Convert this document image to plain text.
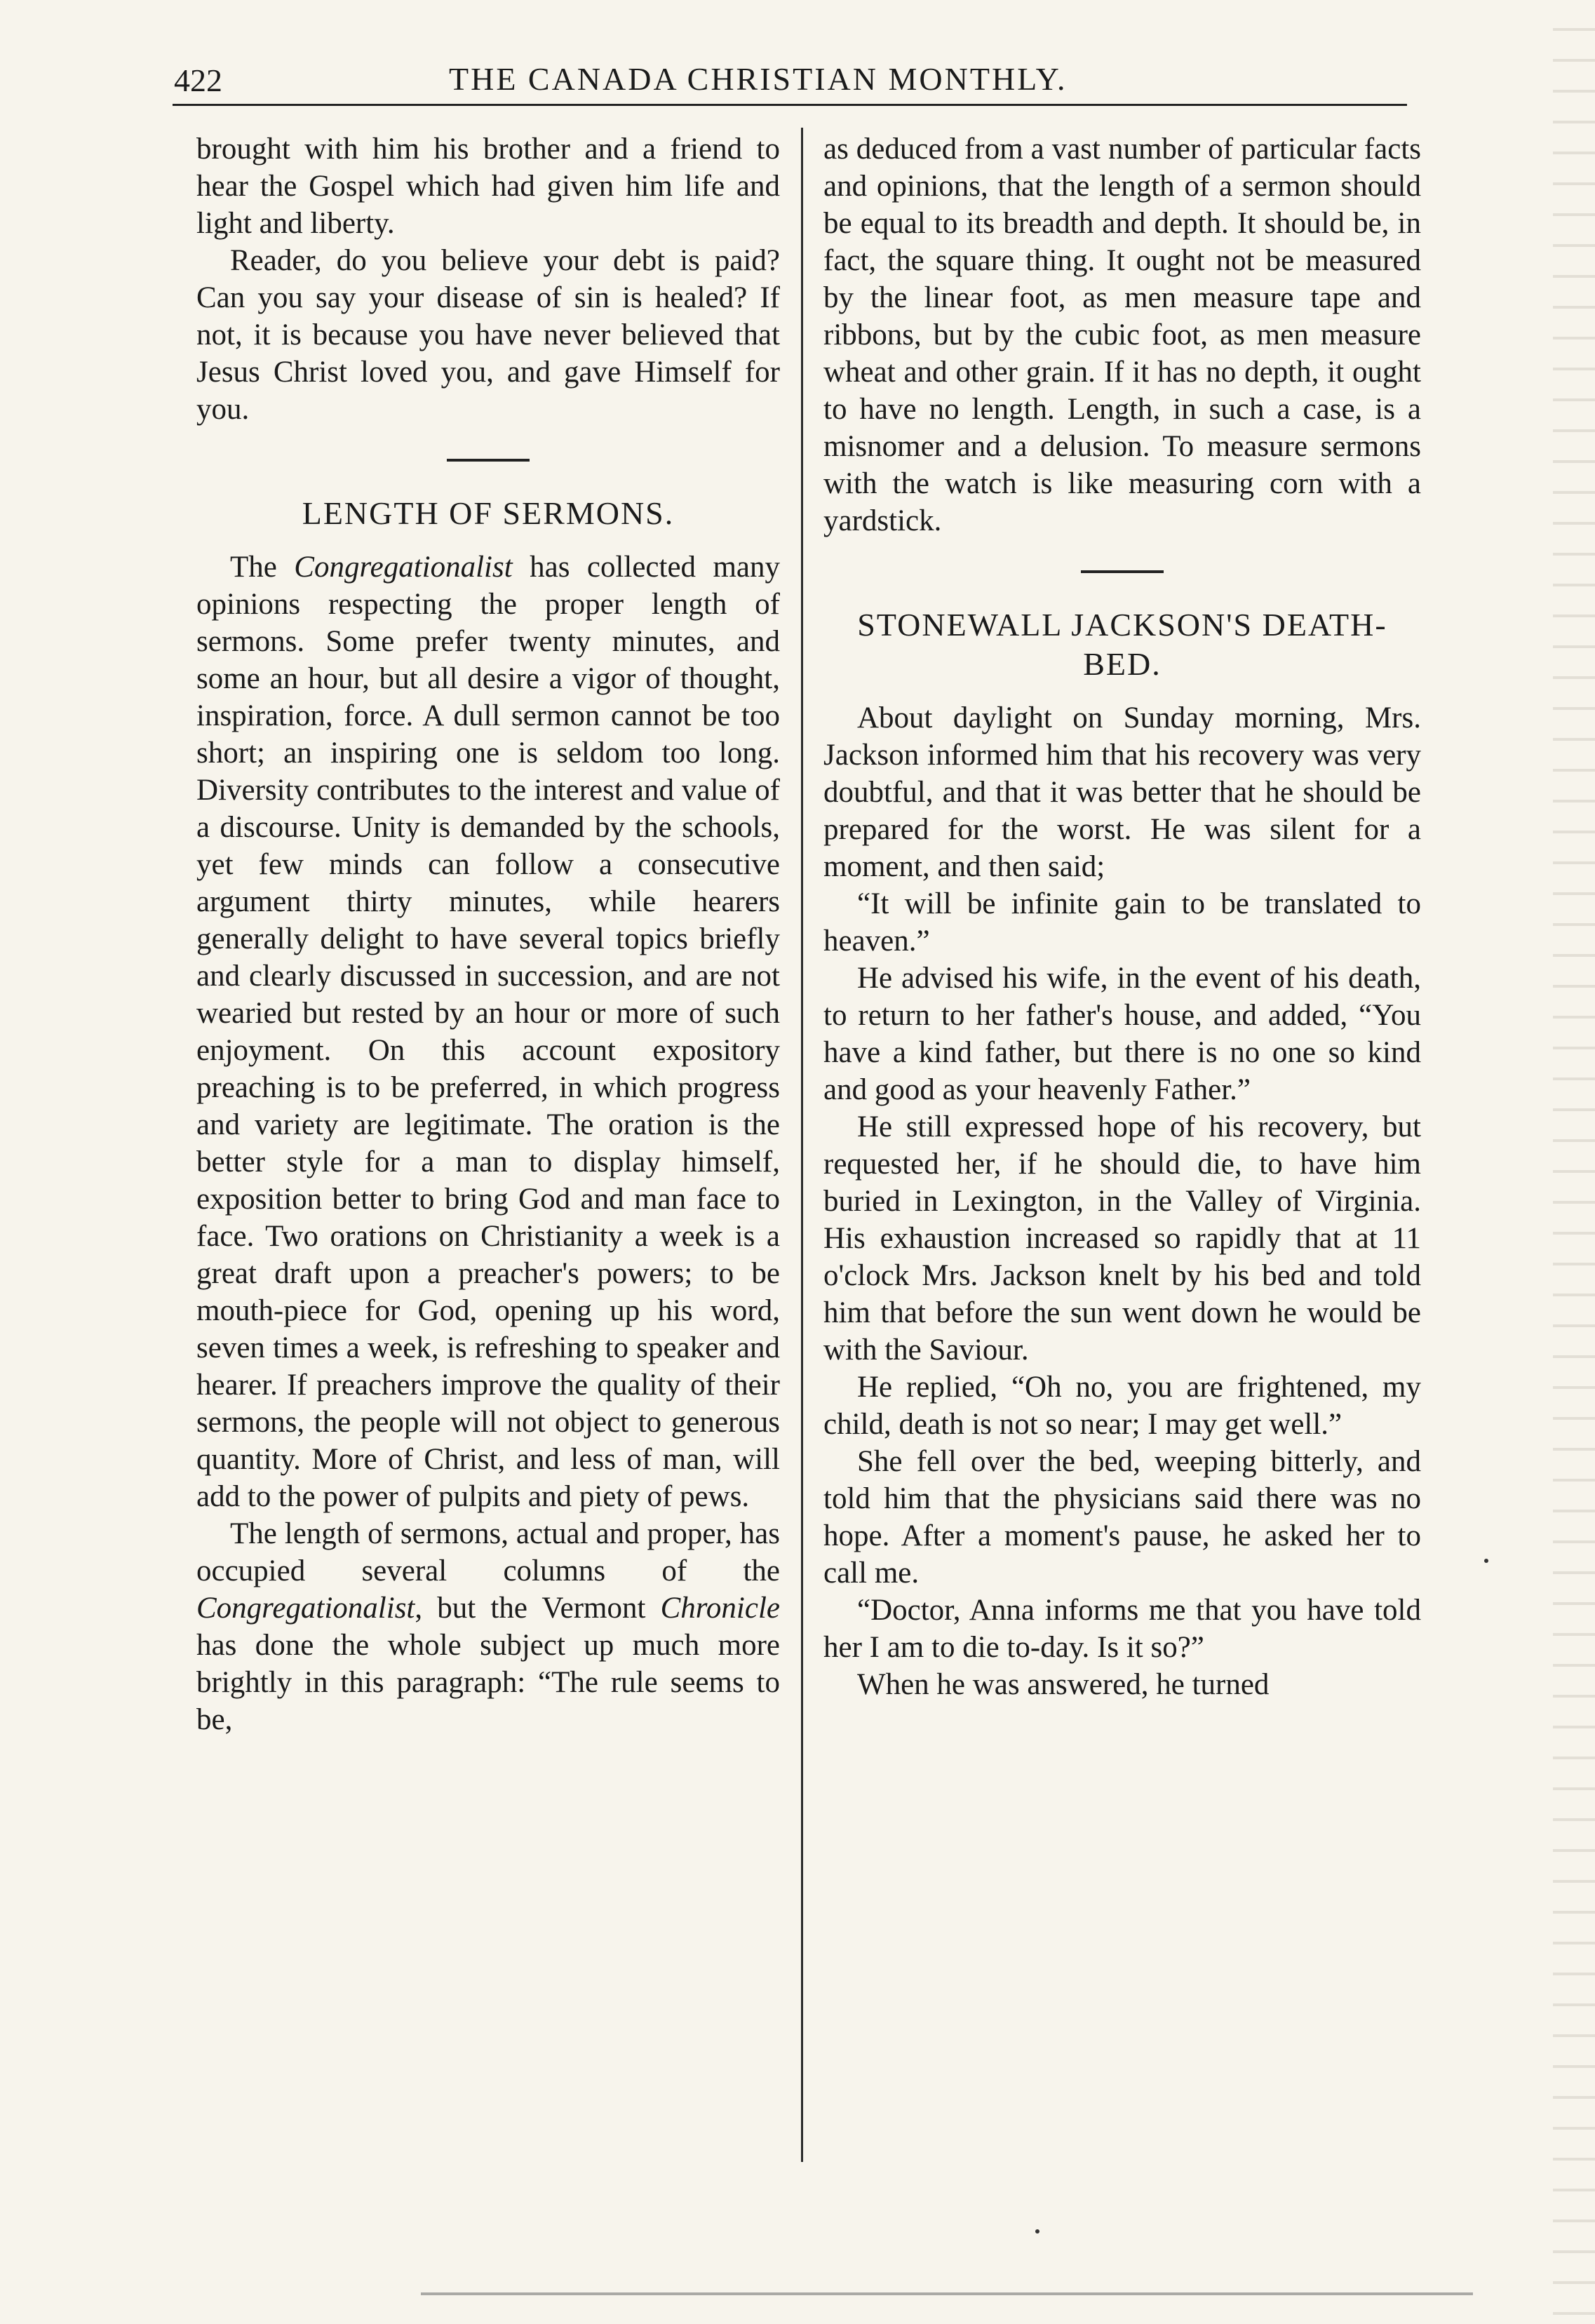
422	THE CANADA CHRISTIAN MONTHLY.

brought with him his brother and a friend to hear the Gospel which had given him life and light and liberty.

Reader, do you believe your debt is paid? Can you say your disease of sin is healed? If not, it is because you have never believed that Jesus Christ loved you, and gave Himself for you.

LENGTH OF SERMONS.

The Congregationalist has collected many opinions respecting the proper length of sermons. Some prefer twenty minutes, and some an hour, but all desire a vigor of thought, inspiration, force. A dull sermon cannot be too short; an inspiring one is seldom too long. Diversity contributes to the interest and value of a discourse. Unity is demanded by the schools, yet few minds can follow a consecutive argument thirty minutes, while hearers generally delight to have several topics briefly and clearly discussed in succession, and are not wearied but rested by an hour or more of such enjoyment. On this account expository preaching is to be preferred, in which progress and variety are legitimate. The oration is the better style for a man to display himself, exposition better to bring God and man face to face. Two orations on Christianity a week is a great draft upon a preacher's powers; to be mouth-piece for God, opening up his word, seven times a week, is refreshing to speaker and hearer. If preachers improve the quality of their sermons, the people will not object to generous quantity. More of Christ, and less of man, will add to the power of pulpits and piety of pews.

The length of sermons, actual and proper, has occupied several columns of the Congregationalist, but the Vermont Chronicle has done the whole subject up much more brightly in this paragraph: “The rule seems to be,

as deduced from a vast number of particular facts and opinions, that the length of a sermon should be equal to its breadth and depth. It should be, in fact, the square thing. It ought not be measured by the linear foot, as men measure tape and ribbons, but by the cubic foot, as men measure wheat and other grain. If it has no depth, it ought to have no length. Length, in such a case, is a misnomer and a delusion. To measure sermons with the watch is like measuring corn with a yardstick.

STONEWALL JACKSON'S DEATH-BED.

About daylight on Sunday morning, Mrs. Jackson informed him that his recovery was very doubtful, and that it was better that he should be prepared for the worst. He was silent for a moment, and then said;

“It will be infinite gain to be translated to heaven.”

He advised his wife, in the event of his death, to return to her father's house, and added, “You have a kind father, but there is no one so kind and good as your heavenly Father.”

He still expressed hope of his recovery, but requested her, if he should die, to have him buried in Lexington, in the Valley of Virginia. His exhaustion increased so rapidly that at 11 o'clock Mrs. Jackson knelt by his bed and told him that before the sun went down he would be with the Saviour.

He replied, “Oh no, you are frightened, my child, death is not so near; I may get well.”

She fell over the bed, weeping bitterly, and told him that the physicians said there was no hope. After a moment's pause, he asked her to call me.

“Doctor, Anna informs me that you have told her I am to die to-day. Is it so?”

When he was answered, he turned
